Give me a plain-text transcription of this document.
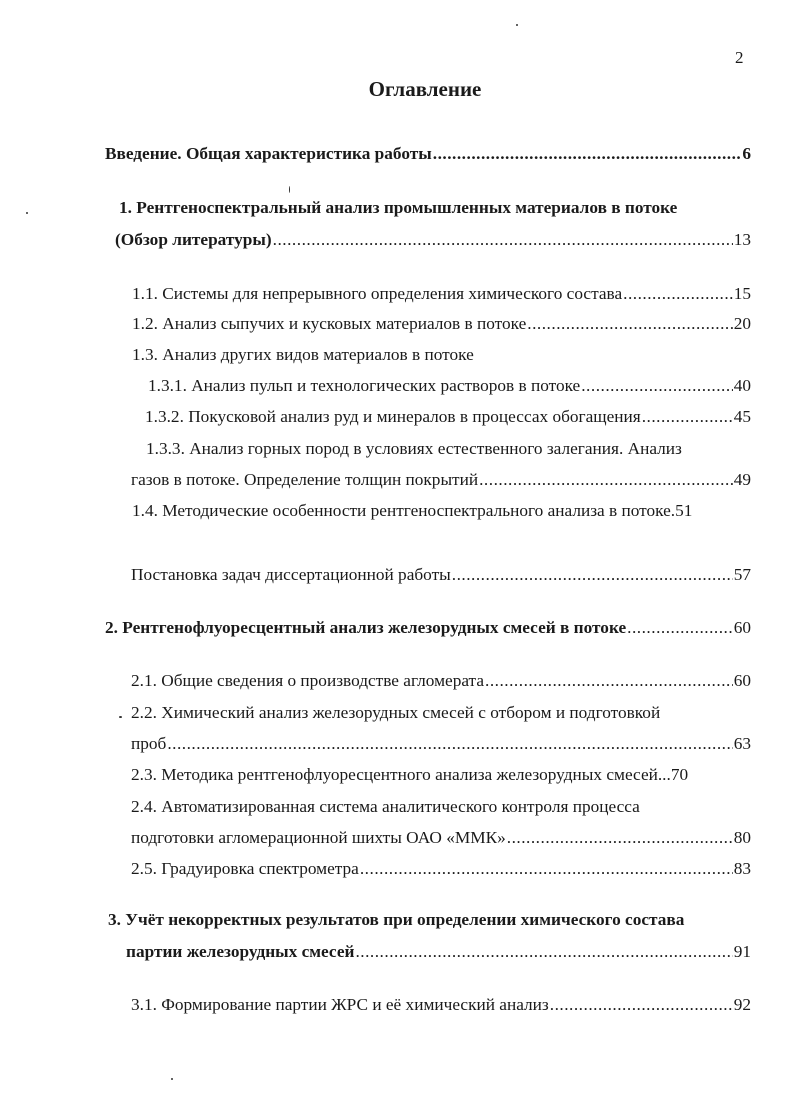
2
Оглавление
Введение. Общая характеристика работы .....	6
1. Рентгеноспектральный анализ промышленных материалов в потоке
(Обзор литературы) .....	13
1.1. Системы для непрерывного определения химического состава .....	15
1.2. Анализ сыпучих и кусковых материалов в потоке .....	20
1.3. Анализ других видов материалов в потоке
1.3.1. Анализ пульп и технологических растворов в потоке .....	40
1.3.2. Покусковой анализ руд и минералов в процессах обогащения .....	45
1.3.3. Анализ горных пород в условиях естественного залегания. Анализ
газов в потоке. Определение толщин покрытий .....	49
1.4. Методические особенности рентгеноспектрального анализа в потоке. 51
Постановка задач диссертационной работы .....	57
2. Рентгенофлуоресцентный анализ железорудных смесей в потоке .....	60
2.1. Общие сведения о производстве агломерата .....	60
2.2. Химический анализ железорудных смесей с отбором и подготовкой
проб .....	63
2.3. Методика рентгенофлуоресцентного анализа железорудных смесей... 70
2.4. Автоматизированная система аналитического контроля процесса
подготовки агломерационной шихты ОАО «ММК» .....	80
2.5. Градуировка спектрометра .....	83
3. Учёт некорректных результатов при определении химического состава
партии железорудных смесей .....	91
3.1. Формирование партии ЖРС и её химический анализ .....	92
